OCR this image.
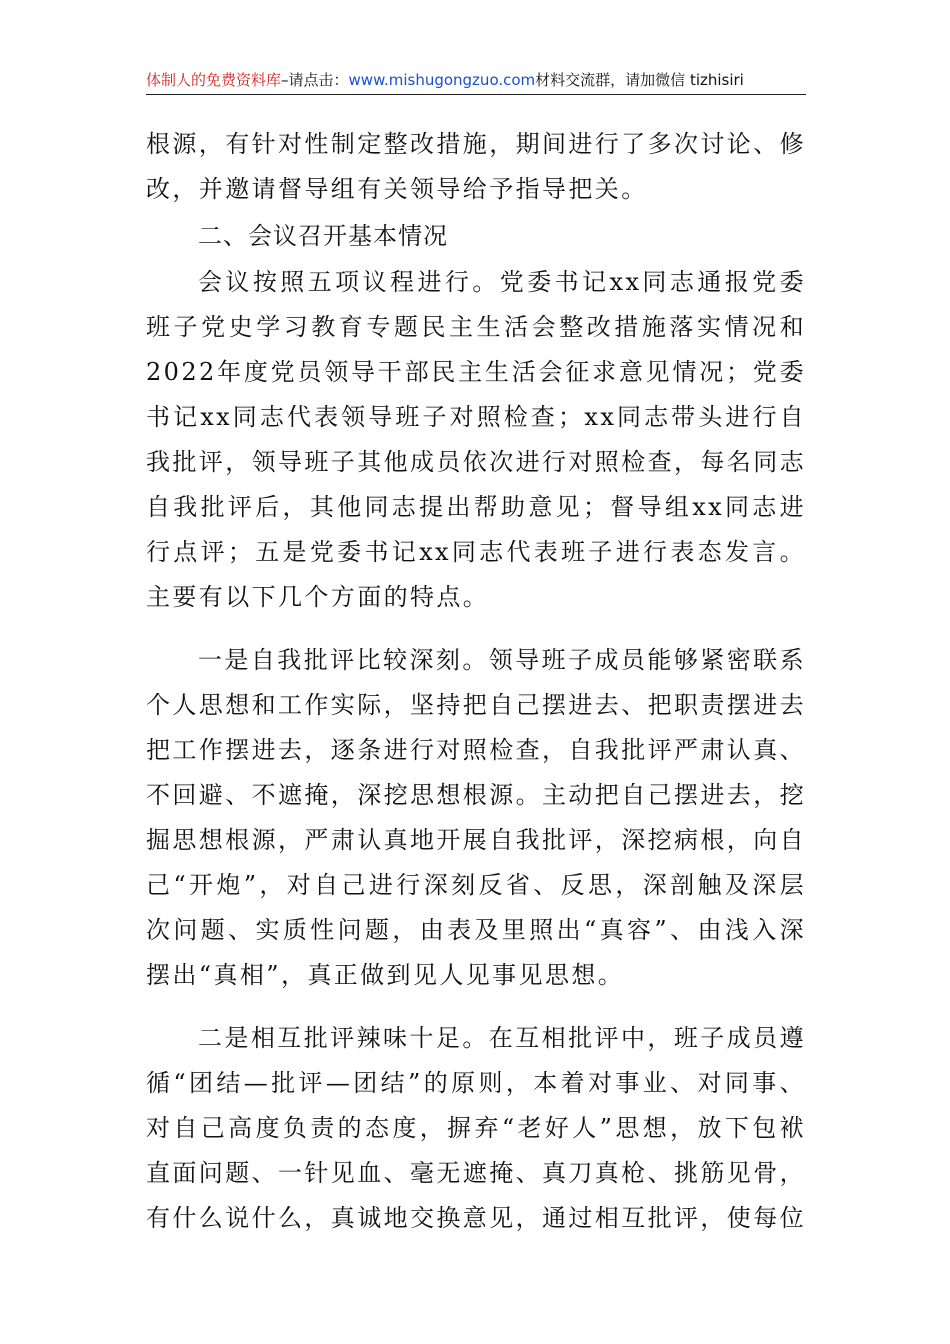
体制人的免费资料库–请点击：www.mishugongzuo.com材料交流群，请加微信 tizhisiri

根源，有针对性制定整改措施，期间进行了多次讨论、修改，并邀请督导组有关领导给予指导把关。

二、会议召开基本情况

会议按照五项议程进行。党委书记xx同志通报党委班子党史学习教育专题民主生活会整改措施落实情况和2022年度党员领导干部民主生活会征求意见情况；党委书记xx同志代表领导班子对照检查；xx同志带头进行自我批评，领导班子其他成员依次进行对照检查，每名同志自我批评后，其他同志提出帮助意见；督导组xx同志进行点评；五是党委书记xx同志代表班子进行表态发言。主要有以下几个方面的特点。

一是自我批评比较深刻。领导班子成员能够紧密联系个人思想和工作实际，坚持把自己摆进去、把职责摆进去把工作摆进去，逐条进行对照检查，自我批评严肃认真、不回避、不遮掩，深挖思想根源。主动把自己摆进去，挖掘思想根源，严肃认真地开展自我批评，深挖病根，向自己“开炮”，对自己进行深刻反省、反思，深剖触及深层次问题、实质性问题，由表及里照出“真容”、由浅入深摆出“真相”，真正做到见人见事见思想。

二是相互批评辣味十足。在互相批评中，班子成员遵循“团结—批评—团结”的原则，本着对事业、对同事、对自己高度负责的态度，摒弃“老好人”思想，放下包袱直面问题、一针见血、毫无遮掩、真刀真枪、挑筋见骨，有什么说什么，真诚地交换意见，通过相互批评，使每位
